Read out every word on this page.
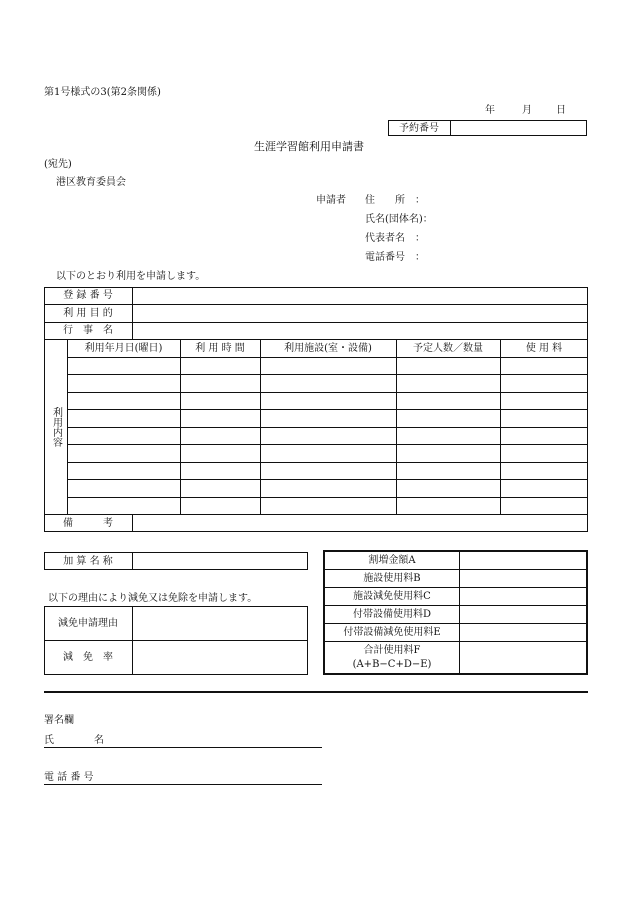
第1号様式の3(第2条関係)
年	月 日
予約番号
生涯学習館利用申請書
(宛先)
港区教育委員会
申請者 住　　所　：
氏名(団体名)：
代表者名　：
電話番号　：
以下のとおり利用を申請します。
登 録 番 号
利 用 目 的
行　事　名
利用内容
利用年月日(曜日)	利 用 時 間	利用施設(室・設備)	予定人数／数量	使 用 料
備　　　考
加 算 名 称
以下の理由により減免又は免除を申請します。
減免申請理由
減　免　率
割増金額A
施設使用料B
施設減免使用料C
付帯設備使用料D
付帯設備減免使用料E
合計使用料F
(A+B−C+D−E)
署名欄
氏　　　　名
電 話 番 号
